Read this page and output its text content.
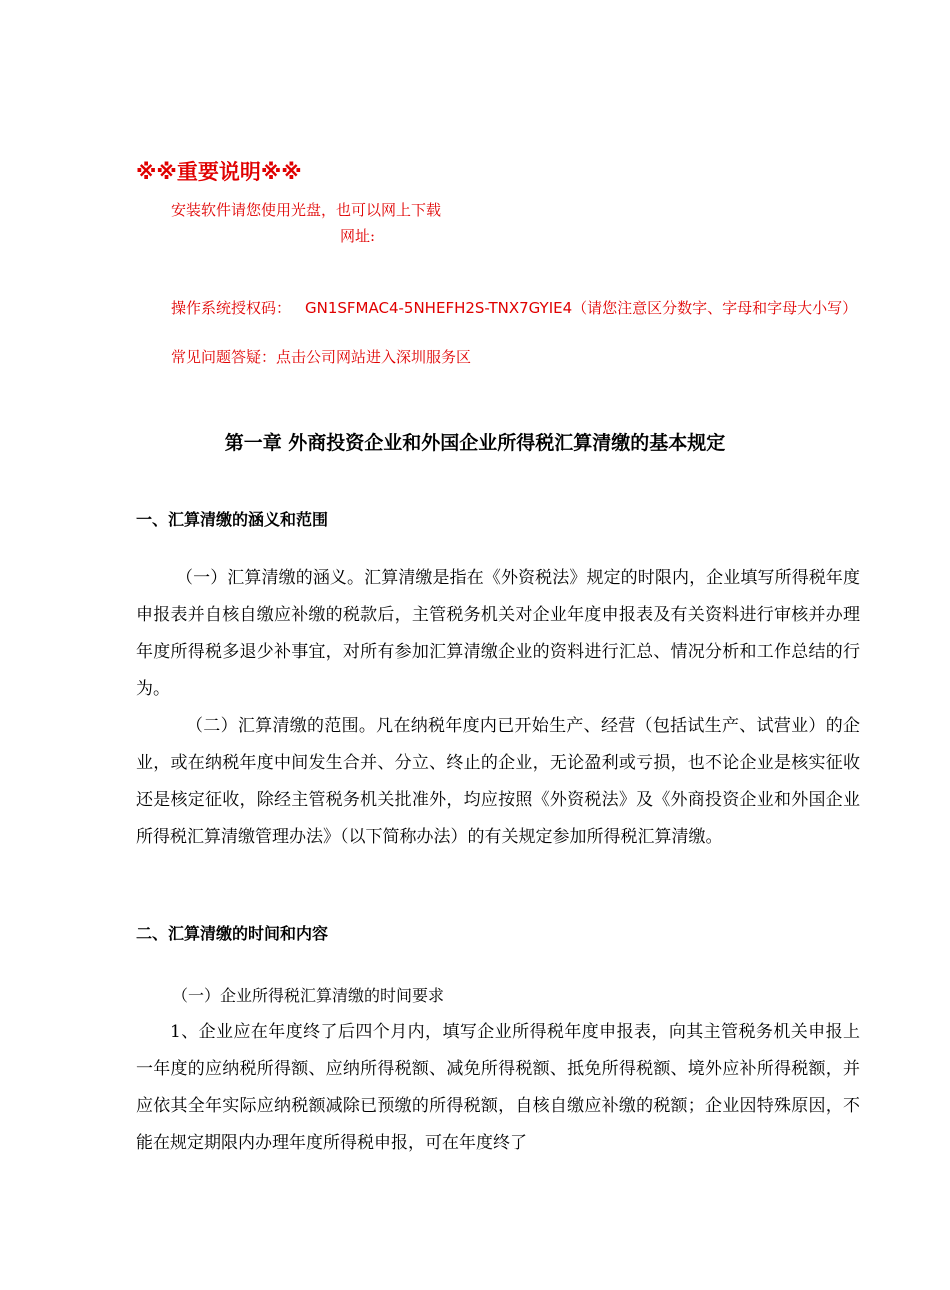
※※重要说明※※
安装软件请您使用光盘，也可以网上下载
网址:
操作系统授权码： GN1SFMAC4-5NHEFH2S-TNX7GYIE4（请您注意区分数字、字母和字母大小写）
常见问题答疑：点击公司网站进入深圳服务区
第一章 外商投资企业和外国企业所得税汇算清缴的基本规定
一、汇算清缴的涵义和范围
（一）汇算清缴的涵义。汇算清缴是指在《外资税法》规定的时限内，企业填写所得税年度申报表并自核自缴应补缴的税款后，主管税务机关对企业年度申报表及有关资料进行审核并办理年度所得税多退少补事宜，对所有参加汇算清缴企业的资料进行汇总、情况分析和工作总结的行为。
（二）汇算清缴的范围。凡在纳税年度内已开始生产、经营（包括试生产、试营业）的企业，或在纳税年度中间发生合并、分立、终止的企业，无论盈利或亏损，也不论企业是核实征收还是核定征收，除经主管税务机关批准外，均应按照《外资税法》及《外商投资企业和外国企业所得税汇算清缴管理办法》（以下简称办法）的有关规定参加所得税汇算清缴。
二、汇算清缴的时间和内容
（一）企业所得税汇算清缴的时间要求
1、企业应在年度终了后四个月内，填写企业所得税年度申报表，向其主管税务机关申报上一年度的应纳税所得额、应纳所得税额、减免所得税额、抵免所得税额、境外应补所得税额，并应依其全年实际应纳税额减除已预缴的所得税额，自核自缴应补缴的税额；企业因特殊原因，不能在规定期限内办理年度所得税申报，可在年度终了
